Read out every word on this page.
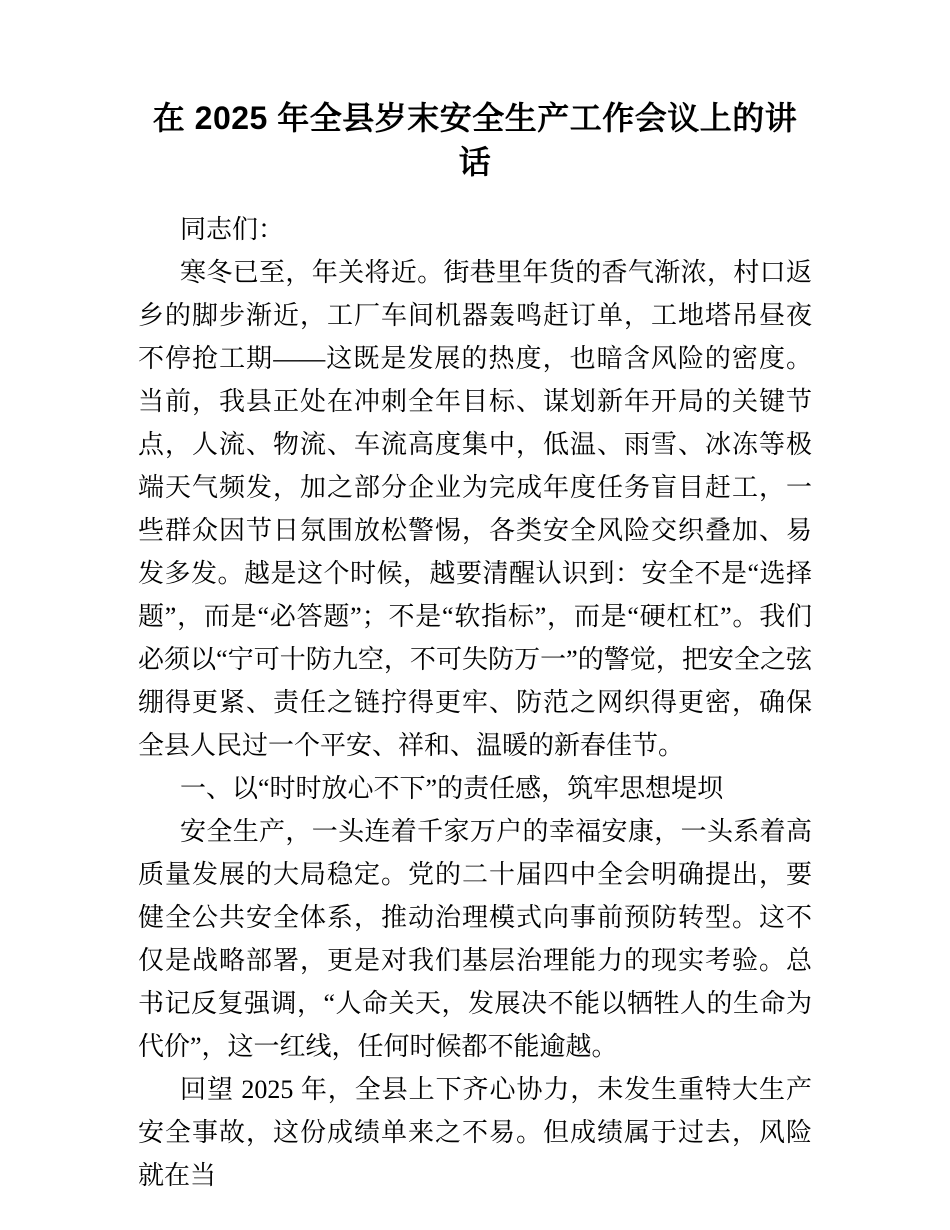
在 2025 年全县岁末安全生产工作会议上的讲话

同志们：

寒冬已至，年关将近。街巷里年货的香气渐浓，村口返乡的脚步渐近，工厂车间机器轰鸣赶订单，工地塔吊昼夜不停抢工期——这既是发展的热度，也暗含风险的密度。当前，我县正处在冲刺全年目标、谋划新年开局的关键节点，人流、物流、车流高度集中，低温、雨雪、冰冻等极端天气频发，加之部分企业为完成年度任务盲目赶工，一些群众因节日氛围放松警惕，各类安全风险交织叠加、易发多发。越是这个时候，越要清醒认识到：安全不是“选择题”，而是“必答题”；不是“软指标”，而是“硬杠杠”。我们必须以“宁可十防九空，不可失防万一”的警觉，把安全之弦绷得更紧、责任之链拧得更牢、防范之网织得更密，确保全县人民过一个平安、祥和、温暖的新春佳节。

一、以“时时放心不下”的责任感，筑牢思想堤坝

安全生产，一头连着千家万户的幸福安康，一头系着高质量发展的大局稳定。党的二十届四中全会明确提出，要健全公共安全体系，推动治理模式向事前预防转型。这不仅是战略部署，更是对我们基层治理能力的现实考验。总书记反复强调，“人命关天，发展决不能以牺牲人的生命为代价”，这一红线，任何时候都不能逾越。

回望 2025 年，全县上下齐心协力，未发生重特大生产安全事故，这份成绩单来之不易。但成绩属于过去，风险就在当
